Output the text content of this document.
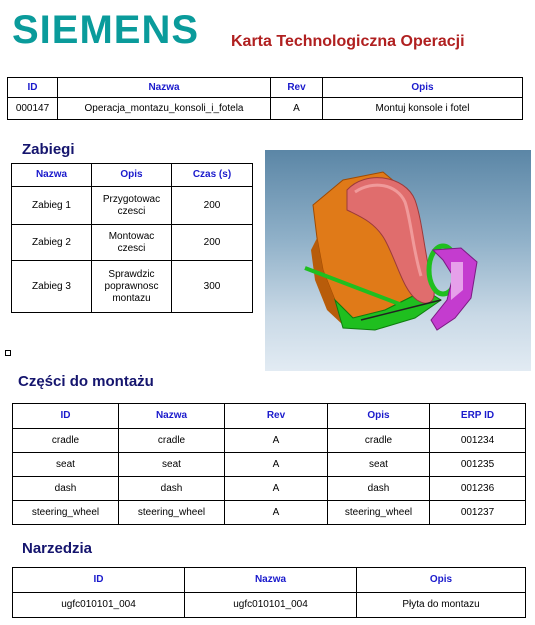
SIEMENS Karta Technologiczna Operacji
ID	Nazwa	Rev	Opis
000147	Operacja_montazu_konsoli_i_fotela	A	Montuj konsole i fotel
Zabiegi
Nazwa	Opis	Czas (s)
Zabieg 1	Przygotowac czesci	200
Zabieg 2	Montowac czesci	200
Zabieg 3	Sprawdzic poprawnosc montazu	300
Części do montażu
ID	Nazwa	Rev	Opis	ERP ID
cradle	cradle	A	cradle	001234
seat	seat	A	seat	001235
dash	dash	A	dash	001236
steering_wheel	steering_wheel	A	steering_wheel	001237
Narzedzia
ID	Nazwa	Opis
ugfc010101_004	ugfc010101_004	Płyta do montazu
